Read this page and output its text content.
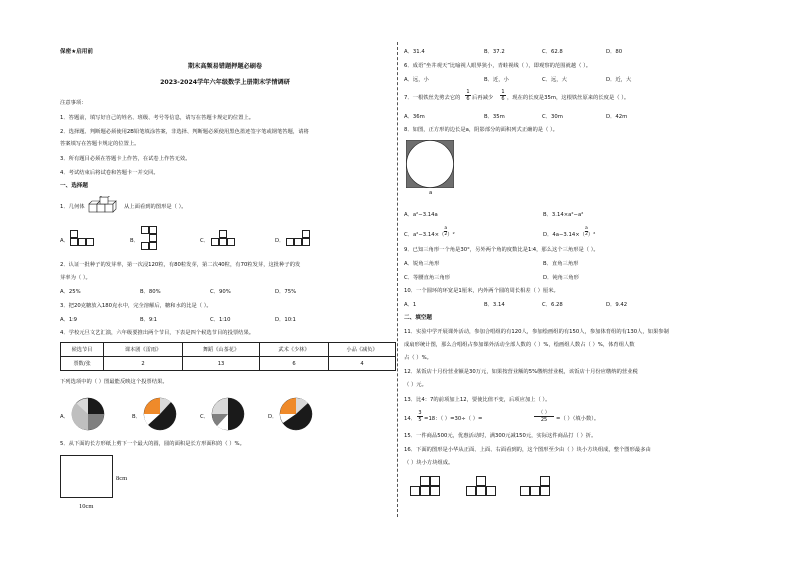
保密★启用前
期末高频易错题押题必刷卷
2023-2024学年六年级数学上册期末学情调研
注意事项：
1．答题前，填写好自己的姓名、班级、考号等信息，请写在答题卡规定的位置上。
2．选择题、判断题必须使用2B铅笔填涂答案，非选择、判断题必须使用黑色墨迹签字笔或钢笔答题，请将
答案填写在答题卡规定的位置上。
3．所有题目必须在答题卡上作答，在试卷上作答无效。
4．考试结束后将试卷和答题卡一并交回。
一、选择题
1．几何体	从上面看到的图形是（ ）。
A．	B．	C．	D．
2．认证一批种子的发芽率，第一次浸120粒，有80粒发芽，第二次40粒，有70粒发芽，这批种子的发
芽率为（ ）。
A．25%	B．80%	C．90%	D．75%
3．把20克糖放入180克水中，完全溶解后，糖和水的比是（ ）。
A．1∶9	B．9∶1	C．1∶10	D．10∶1
4．学校元旦文艺汇演，六年级要推出两个节目，下表是四个候选节目的投票结果。
候选节目	课本剧《雷雨》	舞蹈《山茶花》	武术《少林》	小品《减负》
票数/张	2	13	6	4
下列选项中的（ ）图最能反映这个投票结果。
A．	B．	C．	D．
5．从下面的长方形纸上剪下一个最大的圆，圆的面积是长方形面积的（ ）%。
8cm
10cm
A．31.4	B．37.2	C．62.8	D．80
6．成语“坐井观天”比喻视人眼界狭小，青蛙视线（ ），即观察的范围就越（ ）。
A．远，小	B．近，小	C．远，大	D．近，大
7．一根铁丝先剪去它的 $\frac{1}{6}$ 后再减少 $\frac{1}{6}$ ，现在的长度是35m，这根铁丝原来的长度是（ ）。
A．36m	B．35m	C．30m	D．42m
8．如图，正方形的边长是a，阴影部分的面积列式正确的是（ ）。
a
A．a²−3.14a	B．3.14×a²−a²
C．$a^2-3.14\times( \frac{a}{2} )^2$	D．$4a-3.14\times( \frac{a}{2} )^2$
9．已知三角形一个角是30°，另外两个角的度数比是1∶4，那么这个三角形是（ ）。
A．锐角三角形	B．直角三角形
C．等腰直角三角形	D．钝角三角形
10．一个圆环的环宽是1厘米，内外两个圆的周长相差（ ）厘米。
A．1	B．3.14	C．6.28	D．9.42
二、填空题
11．实验中学开展课外活动，参加合唱组的有120人，参加绘画组的有150人，参加体育组的有130人，如果参制
成扇形统计图，那么合唱组占参加课外活动全部人数的（ ）%，绘画组人数占（ ）%，体育组人数
占（ ）%。
12．某饭店十月份营业额是30万元，如果按营业额的5%缴纳营业税，该饭店十月份应缴纳的营业税
（ ）元。
13．比4：7的前项加上12，要使比值不变，后项应加上（ ）。
14． $\frac{3}{5} =18$：（ ）=30÷（ ）=
（ ）
25	=（ ）（填小数）。
15．一件商品500元，优惠活动时，满300元减150元，实际这件商品打（ ）折。
16．下面的图形是小华从正面、上面、右面看到的，这个图形至少由（ ）块小方块组成，整个图形最多由
（ ）块小方块组成。
